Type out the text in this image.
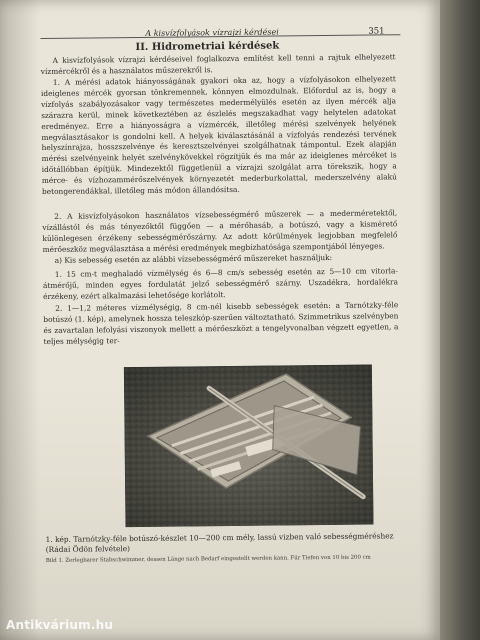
A kisvízfolyások vízrajzi kérdései	351
II. Hidrometriai kérdések
A kisvízfolyások vízrajzi kérdéseivel foglalkozva említést kell tenni a rajtuk elhelyezett vízmércékről és a használatos műszerekről is.
1. A mérési adatok hiányosságának gyakori oka az, hogy a vízfolyásokon elhelyezett ideiglenes mércék gyorsan tönkremennek, könnyen elmozdulnak. Előfordul az is, hogy a vízfolyás szabályozásakor vagy természetes medermélyülés esetén az ilyen mércék alja szárazra kerül, minek következtében az észlelés megszakadhat vagy helytelen adatokat eredményez. Erre a hiányosságra a vízmércék, illetőleg mérési szelvények helyének megválasztásakor is gondolni kell. A helyek kiválasztásánál a vízfolyás rendezési tervének helyszínrajza, hosszszelvénye és keresztszelvényei szolgálhatnak támpontul. Ezek alapján mérési szelvényeink helyét szelvénykövekkel rögzítjük és ma már az ideiglenes mércéket is időtállóbban építjük. Mindezektől függetlenül a vízrajzi szolgálat arra törekszik, hogy a mérce- és vízhozammérőszelvények környezetét mederburkolattal, mederszelvény alakú betongerendákkal, illetőleg más módon állandósítsa.
2. A kisvízfolyásokon használatos vízsebességmérő műszerek — a mederméretektől, vízállástól és más tényezőktől függően — a mérőhasáb, a botúszó, vagy a kismérető különlegesen érzékeny sebességmérőszárny. Az adott körülmények legjobban megfelelő mérőeszköz megválasztása a mérési eredmények megbízhatósága szempontjából lényeges.
a) Kis sebesség esetén az alábbi vízsebességmérő műszereket használjuk:
1. 15 cm-t meghaladó vízmélység és 6—8 cm/s sebesség esetén az 5—10 cm vitorla-átmérőjű, minden egyes fordulatát jelző sebességmérő szárny. Uszadékra, hordalékra érzékeny, ezért alkalmazási lehetősége korlátolt.
2. 1—1,2 méteres vízmélységig, 8 cm-nél kisebb sebességek esetén: a Tarnótzky-féle botúszó (1. kép), amelynek hossza teleszkóp-szerűen változtatható. Szimmetrikus szelvényben és zavartalan lefolyási viszonyok mellett a mérőeszközt a tengelyvonalban végzett egyetlen, a teljes mélységig ter-
1. kép. Tarnótzky-féle botúszó-készlet 10—200 cm mély, lassú vizben való sebességméréshez (Rádai Ödön felvétele)
Bild 1. Zerlegbarer Stabschwimmer, dessen Länge nach Bedarf eingestellt werden kann. Für Tiefen von 10 bis 200 cm
Antikvárium.hu
